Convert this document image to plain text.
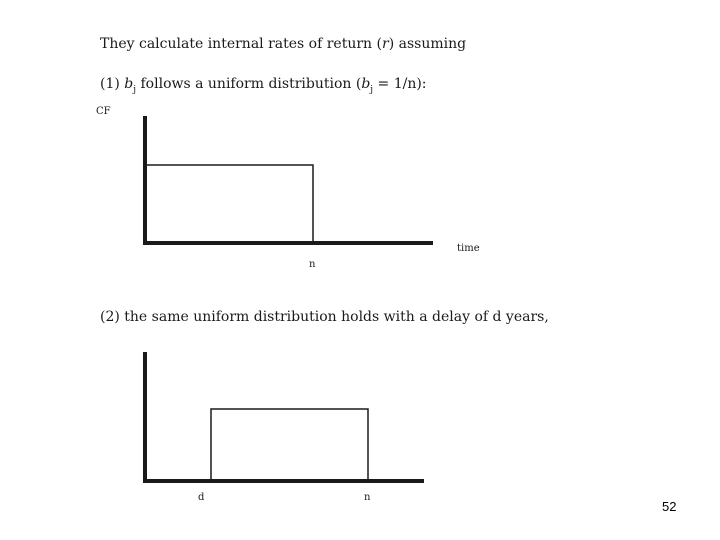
They calculate internal rates of return (r) assuming
(1) $b_j$ follows a uniform distribution $(b_j = 1/n)$:
(2) the same uniform distribution holds with a delay of d years,
CF
time
n
d	n
52
